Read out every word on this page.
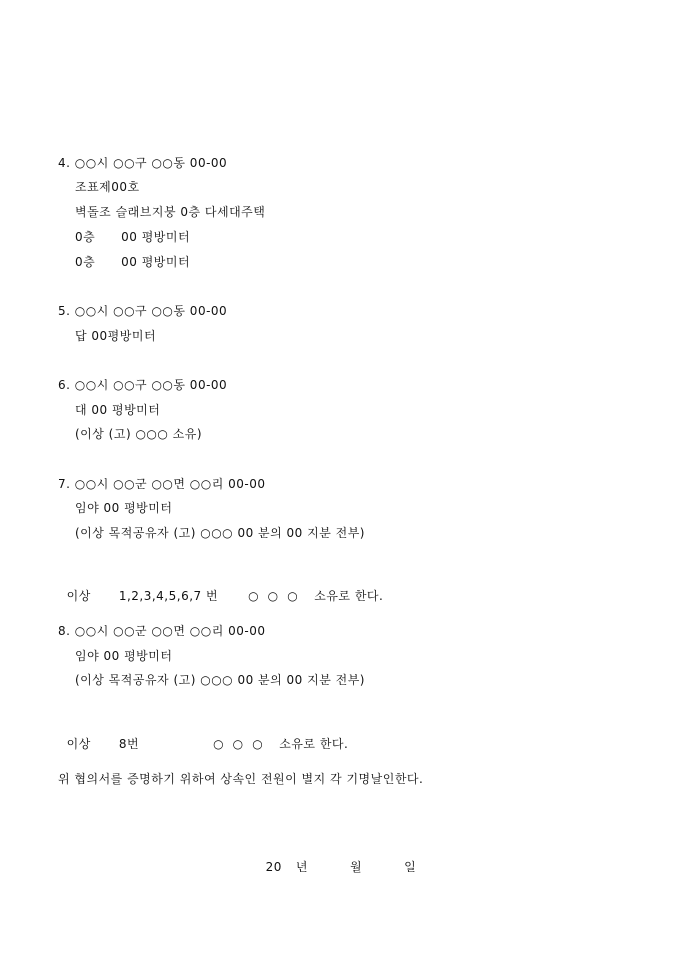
4. ○○시 ○○구 ○○동 00-00
조표제00호
벽돌조 슬래브지붕 0층 다세대주택
0층      00 평방미터
0층      00 평방미터
5. ○○시 ○○구 ○○동 00-00
답 00평방미터
6. ○○시 ○○구 ○○동 00-00
대 00 평방미터
(이상 (고) ○○○ 소유)
7. ○○시 ○○군 ○○면 ○○리 00-00
임야 00 평방미터
(이상 목적공유자 (고) ○○○ 00 분의 00 지분 전부)

이상 1,2,3,4,5,6,7 번	○  ○  ○ 소유로 한다.

8. ○○시 ○○군 ○○면 ○○리 00-00
임야 00 평방미터
(이상 목적공유자 (고) ○○○ 00 분의 00 지분 전부)

이상 8번	○  ○  ○ 소유로 한다.

위 협의서를 증명하기 위하여 상속인 전원이 별지 각 기명날인한다.

20 년	월	일
